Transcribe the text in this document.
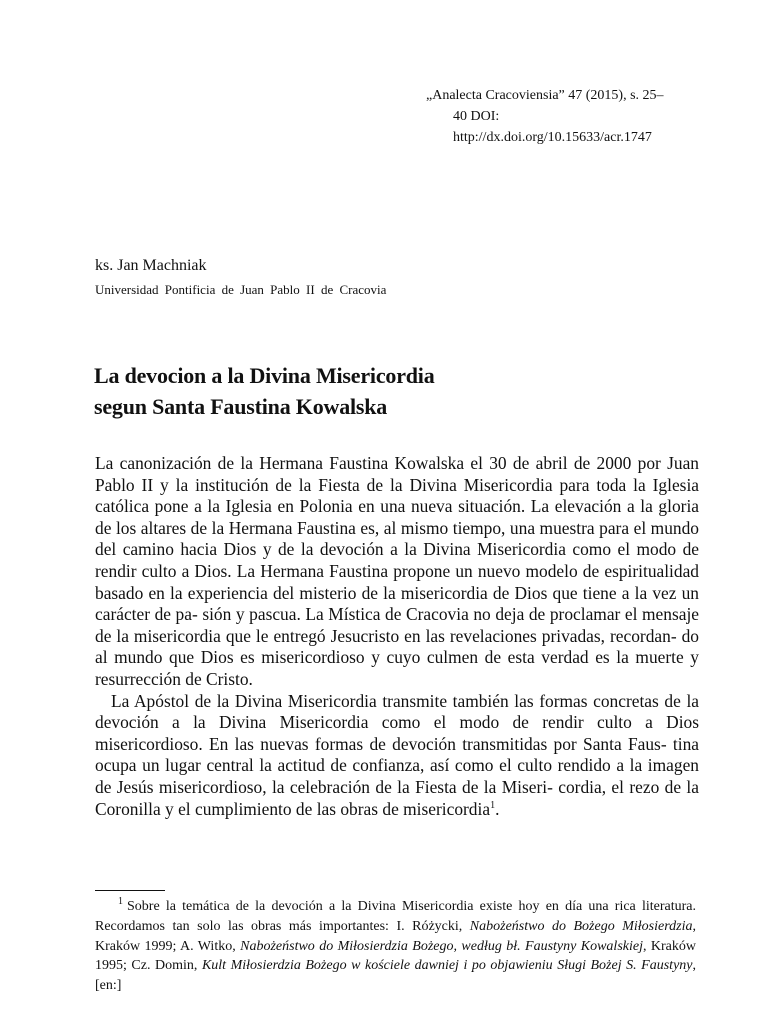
„Analecta Cracoviensia” 47 (2015), s. 25–
40 DOI:
http://dx.doi.org/10.15633/acr.1747
ks. Jan Machniak
Universidad Pontificia de Juan Pablo II de Cracovia
La devocion a la Divina Misericordia
segun Santa Faustina Kowalska

La canonización de la Hermana Faustina Kowalska el 30 de abril de 2000 por Juan Pablo II y la institución de la Fiesta de la Divina Misericordia para toda la Iglesia católica pone a la Iglesia en Polonia en una nueva situación. La elevación a la gloria de los altares de la Hermana Faustina es, al mismo tiempo, una muestra para el mundo del camino hacia Dios y de la devoción a la Divina Misericordia como el modo de rendir culto a Dios. La Hermana Faustina propone un nuevo modelo de espiritualidad basado en la experiencia del misterio de la misericordia de Dios que tiene a la vez un carácter de pa- sión y pascua. La Mística de Cracovia no deja de proclamar el mensaje de la misericordia que le entregó Jesucristo en las revelaciones privadas, recordan- do al mundo que Dios es misericordioso y cuyo culmen de esta verdad es la muerte y resurrección de Cristo.

La Apóstol de la Divina Misericordia transmite también las formas concretas de la devoción a la Divina Misericordia como el modo de rendir culto a Dios misericordioso. En las nuevas formas de devoción transmitidas por Santa Faus- tina ocupa un lugar central la actitud de confianza, así como el culto rendido a la imagen de Jesús misericordioso, la celebración de la Fiesta de la Miseri- cordia, el rezo de la Coronilla y el cumplimiento de las obras de misericordia$^1$.

$^1$ Sobre la temática de la devoción a la Divina Misericordia existe hoy en día una rica literatura. Recordamos tan solo las obras más importantes: I. Różycki, Nabożeństwo do Bożego Miłosierdzia, Kraków 1999; A. Witko, Nabożeństwo do Miłosierdzia Bożego, według bł. Faustyny Kowalskiej, Kraków 1995; Cz. Domin, Kult Miłosierdzia Bożego w kościele dawniej i po objawieniu Sługi Bożej S. Faustyny, [en:]
